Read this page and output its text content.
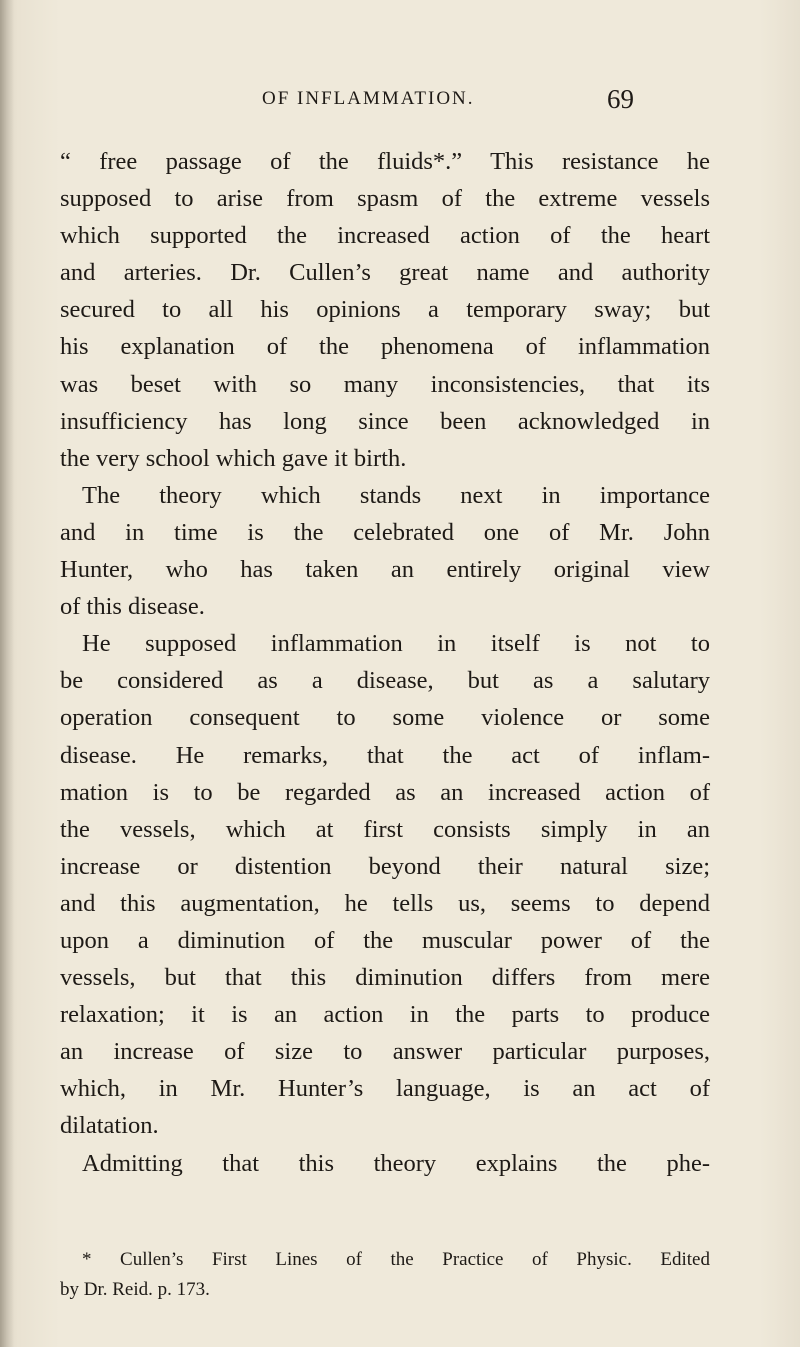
OF INFLAMMATION.	69
“ free passage of the fluids*.” This resistance he
supposed to arise from spasm of the extreme vessels
which supported the increased action of the heart
and arteries. Dr. Cullen’s great name and authority
secured to all his opinions a temporary sway; but
his explanation of the phenomena of inflammation
was beset with so many inconsistencies, that its
insufficiency has long since been acknowledged in
the very school which gave it birth.
The theory which stands next in importance
and in time is the celebrated one of Mr. John
Hunter, who has taken an entirely original view
of this disease.
He supposed inflammation in itself is not to
be considered as a disease, but as a salutary
operation consequent to some violence or some
disease. He remarks, that the act of inflam-
mation is to be regarded as an increased action of
the vessels, which at first consists simply in an
increase or distention beyond their natural size;
and this augmentation, he tells us, seems to depend
upon a diminution of the muscular power of the
vessels, but that this diminution differs from mere
relaxation; it is an action in the parts to produce
an increase of size to answer particular purposes,
which, in Mr. Hunter’s language, is an act of
dilatation.
Admitting that this theory explains the phe-
* Cullen’s First Lines of the Practice of Physic. Edited
by Dr. Reid. p. 173.
